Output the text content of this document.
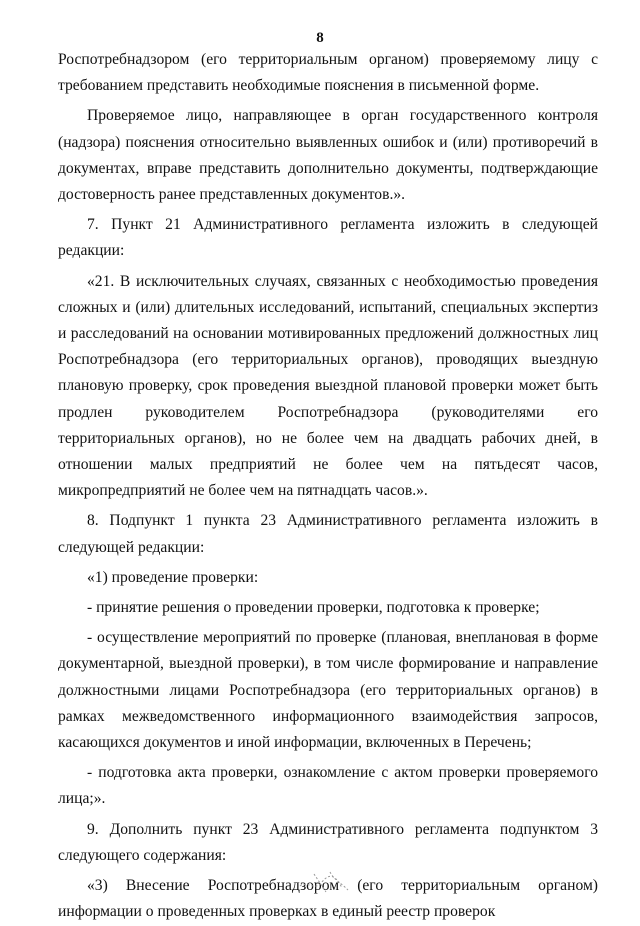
8

Роспотребнадзором (его территориальным органом) проверяемому лицу с требованием представить необходимые пояснения в письменной форме.

Проверяемое лицо, направляющее в орган государственного контроля (надзора) пояснения относительно выявленных ошибок и (или) противоречий в документах, вправе представить дополнительно документы, подтверждающие достоверность ранее представленных документов.».

7. Пункт 21 Административного регламента изложить в следующей редакции:

«21. В исключительных случаях, связанных с необходимостью проведения сложных и (или) длительных исследований, испытаний, специальных экспертиз и расследований на основании мотивированных предложений должностных лиц Роспотребнадзора (его территориальных органов), проводящих выездную плановую проверку, срок проведения выездной плановой проверки может быть продлен руководителем Роспотребнадзора (руководителями его территориальных органов), но не более чем на двадцать рабочих дней, в отношении малых предприятий не более чем на пятьдесят часов, микропредприятий не более чем на пятнадцать часов.».

8. Подпункт 1 пункта 23 Административного регламента изложить в следующей редакции:

«1) проведение проверки:

- принятие решения о проведении проверки, подготовка к проверке;

- осуществление мероприятий по проверке (плановая, внеплановая в форме документарной, выездной проверки), в том числе формирование и направление должностными лицами Роспотребнадзора (его территориальных органов) в рамках межведомственного информационного взаимодействия запросов, касающихся документов и иной информации, включенных в Перечень;

- подготовка акта проверки, ознакомление с актом проверки проверяемого лица;».

9. Дополнить пункт 23 Административного регламента подпунктом 3 следующего содержания:

«3) Внесение Роспотребнадзором (его территориальным органом) информации о проведенных проверках в единый реестр проверок
